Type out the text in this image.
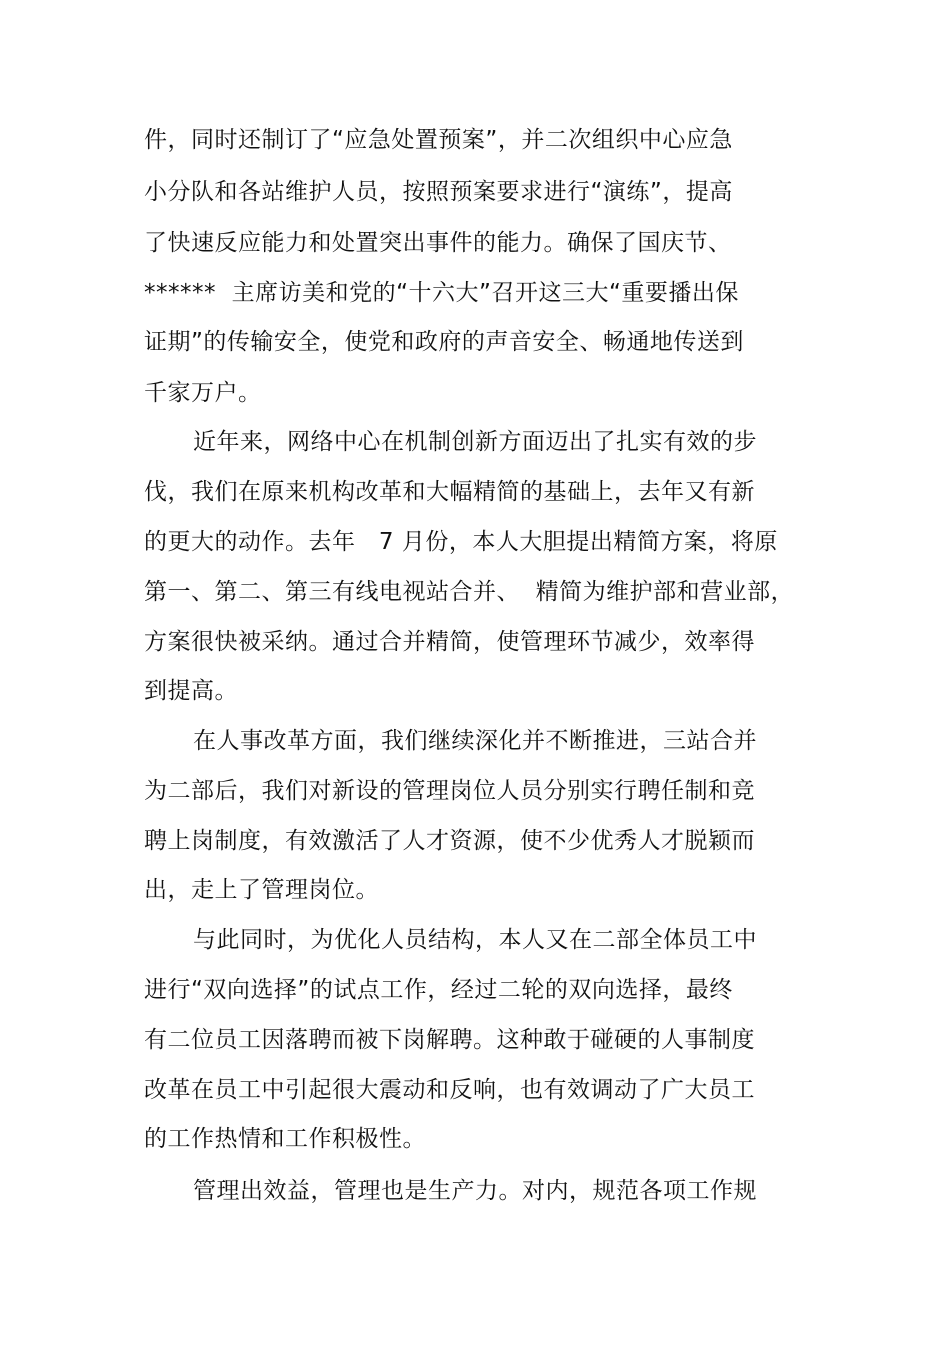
件，同时还制订了“应急处置预案”，并二次组织中心应急
小分队和各站维护人员，按照预案要求进行“演练”，提高
了快速反应能力和处置突出事件的能力。确保了国庆节、
******  主席访美和党的“十六大”召开这三大“重要播出保
证期”的传输安全，使党和政府的声音安全、畅通地传送到
千家万户。
近年来，网络中心在机制创新方面迈出了扎实有效的步
伐，我们在原来机构改革和大幅精简的基础上，去年又有新
的更大的动作。去年   7 月份，本人大胆提出精简方案，将原
第一、第二、第三有线电视站合并、  精简为维护部和营业部，
方案很快被采纳。通过合并精简，使管理环节减少，效率得
到提高。
在人事改革方面，我们继续深化并不断推进，三站合并
为二部后，我们对新设的管理岗位人员分别实行聘任制和竞
聘上岗制度，有效激活了人才资源，使不少优秀人才脱颖而
出，走上了管理岗位。
与此同时，为优化人员结构，本人又在二部全体员工中
进行“双向选择”的试点工作，经过二轮的双向选择，最终
有二位员工因落聘而被下岗解聘。这种敢于碰硬的人事制度
改革在员工中引起很大震动和反响，也有效调动了广大员工
的工作热情和工作积极性。
管理出效益，管理也是生产力。对内，规范各项工作规
